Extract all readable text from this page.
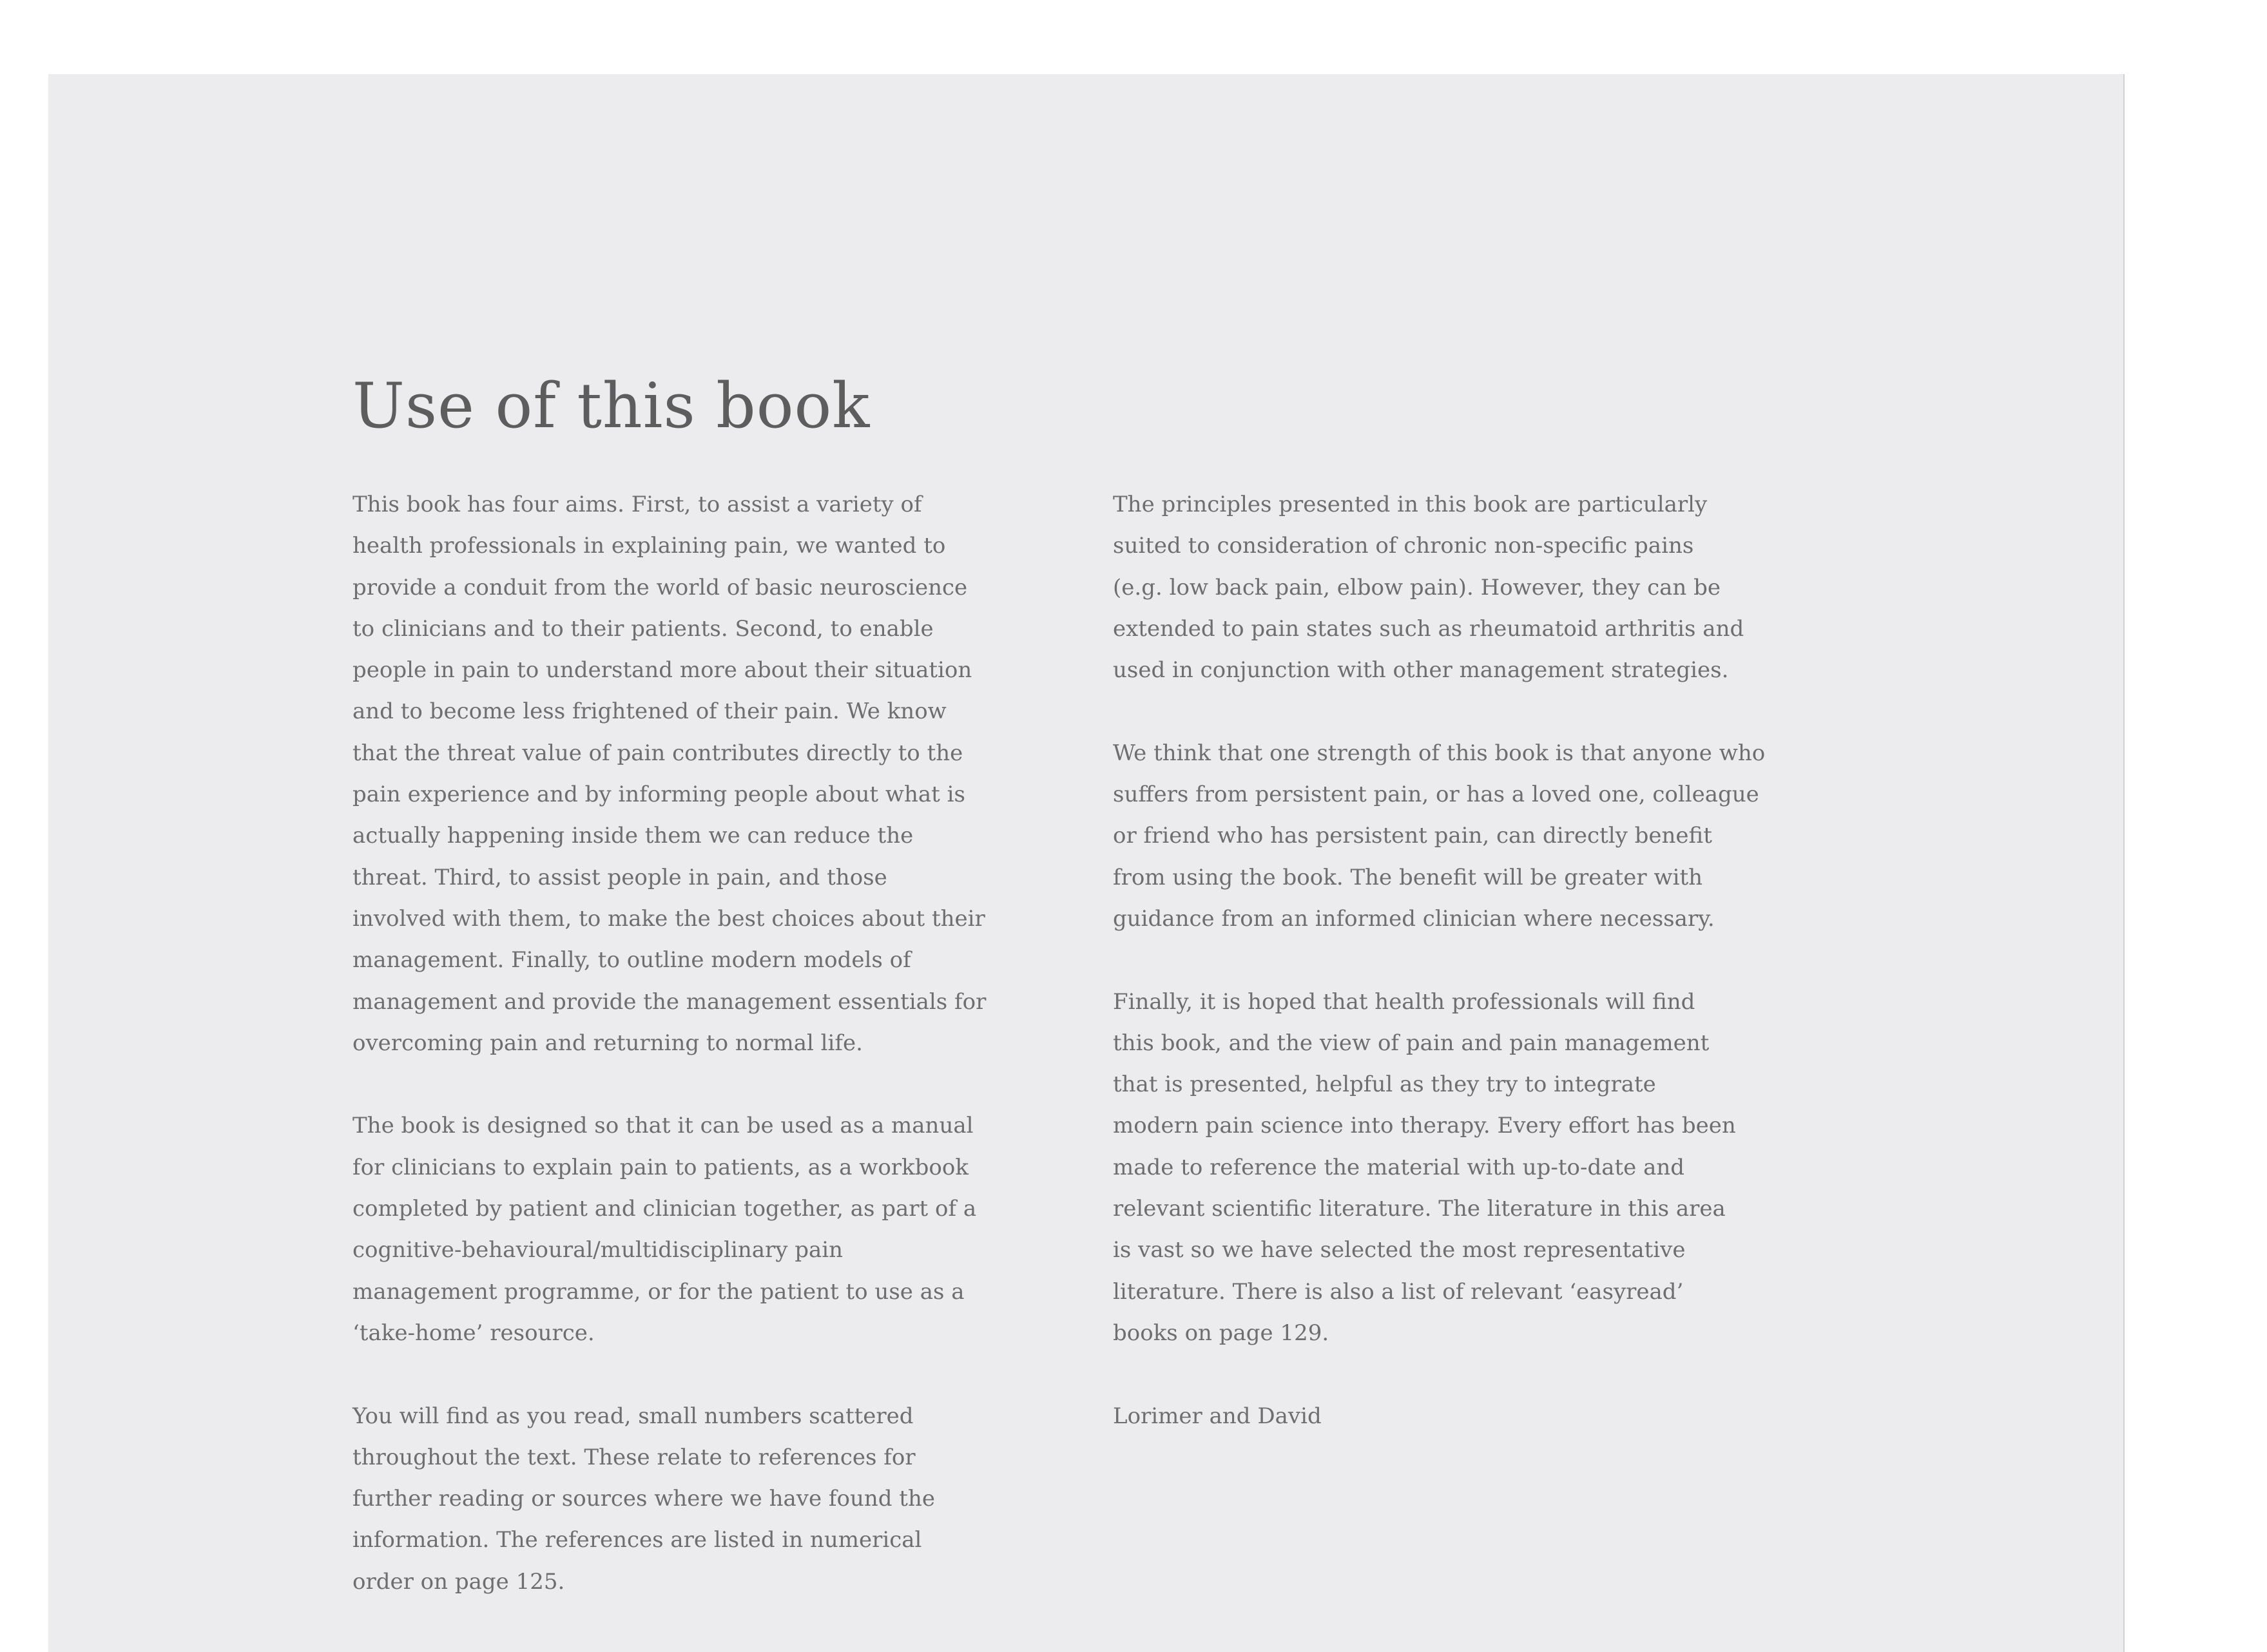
Use of this book

This book has four aims. First, to assist a variety of
health professionals in explaining pain, we wanted to
provide a conduit from the world of basic neuroscience
to clinicians and to their patients. Second, to enable
people in pain to understand more about their situation
and to become less frightened of their pain. We know
that the threat value of pain contributes directly to the
pain experience and by informing people about what is
actually happening inside them we can reduce the
threat. Third, to assist people in pain, and those
involved with them, to make the best choices about their
management. Finally, to outline modern models of
management and provide the management essentials for
overcoming pain and returning to normal life.

The book is designed so that it can be used as a manual
for clinicians to explain pain to patients, as a workbook
completed by patient and clinician together, as part of a
cognitive-behavioural/multidisciplinary pain
management programme, or for the patient to use as a
‘take-home’ resource.

You will find as you read, small numbers scattered
throughout the text. These relate to references for
further reading or sources where we have found the
information. The references are listed in numerical
order on page 125.

The principles presented in this book are particularly
suited to consideration of chronic non-specific pains
(e.g. low back pain, elbow pain). However, they can be
extended to pain states such as rheumatoid arthritis and
used in conjunction with other management strategies.

We think that one strength of this book is that anyone who
suffers from persistent pain, or has a loved one, colleague
or friend who has persistent pain, can directly benefit
from using the book. The benefit will be greater with
guidance from an informed clinician where necessary.

Finally, it is hoped that health professionals will find
this book, and the view of pain and pain management
that is presented, helpful as they try to integrate
modern pain science into therapy. Every effort has been
made to reference the material with up-to-date and
relevant scientific literature. The literature in this area
is vast so we have selected the most representative
literature. There is also a list of relevant ‘easyread’
books on page 129.

Lorimer and David
